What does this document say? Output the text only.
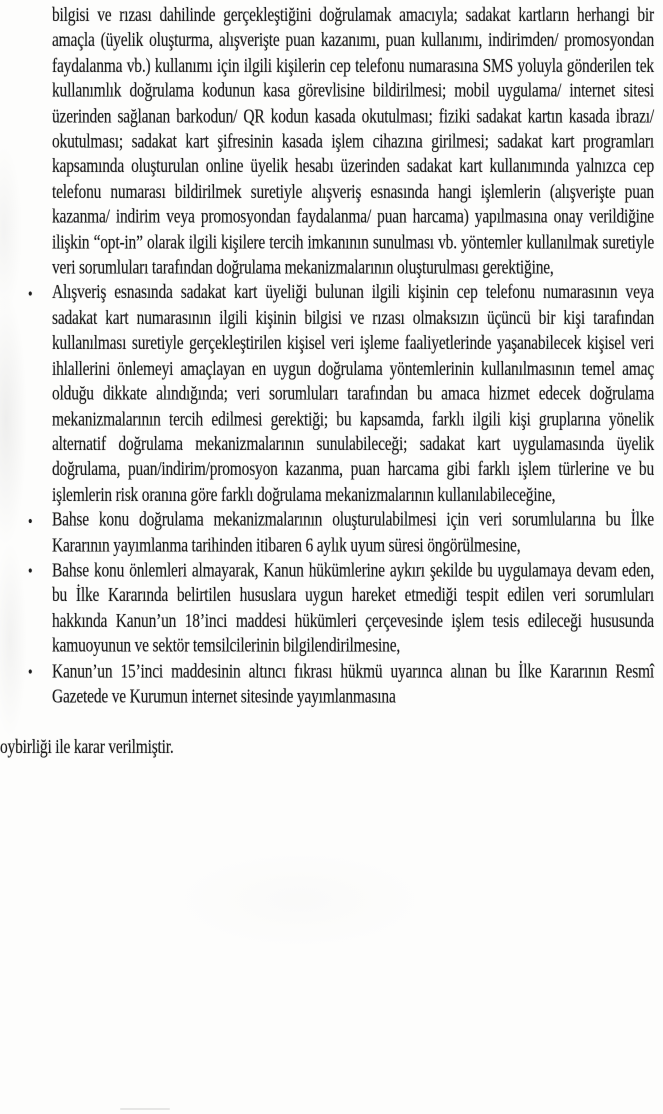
bilgisi ve rızası dahilinde gerçekleştiğini doğrulamak amacıyla; sadakat kartların herhangi bir amaçla (üyelik oluşturma, alışverişte puan kazanımı, puan kullanımı, indirimden/ promosyondan faydalanma vb.) kullanımı için ilgili kişilerin cep telefonu numarasına SMS yoluyla gönderilen tek kullanımlık doğrulama kodunun kasa görevlisine bildirilmesi; mobil uygulama/ internet sitesi üzerinden sağlanan barkodun/ QR kodun kasada okutulması; fiziki sadakat kartın kasada ibrazı/ okutulması; sadakat kart şifresinin kasada işlem cihazına girilmesi; sadakat kart programları kapsamında oluşturulan online üyelik hesabı üzerinden sadakat kart kullanımında yalnızca cep telefonu numarası bildirilmek suretiyle alışveriş esnasında hangi işlemlerin (alışverişte puan kazanma/ indirim veya promosyondan faydalanma/ puan harcama) yapılmasına onay verildiğine ilişkin “opt-in” olarak ilgili kişilere tercih imkanının sunulması vb. yöntemler kullanılmak suretiyle veri sorumluları tarafından doğrulama mekanizmalarının oluşturulması gerektiğine,

• Alışveriş esnasında sadakat kart üyeliği bulunan ilgili kişinin cep telefonu numarasının veya sadakat kart numarasının ilgili kişinin bilgisi ve rızası olmaksızın üçüncü bir kişi tarafından kullanılması suretiyle gerçekleştirilen kişisel veri işleme faaliyetlerinde yaşanabilecek kişisel veri ihlallerini önlemeyi amaçlayan en uygun doğrulama yöntemlerinin kullanılmasının temel amaç olduğu dikkate alındığında; veri sorumluları tarafından bu amaca hizmet edecek doğrulama mekanizmalarının tercih edilmesi gerektiği; bu kapsamda, farklı ilgili kişi gruplarına yönelik alternatif doğrulama mekanizmalarının sunulabileceği; sadakat kart uygulamasında üyelik doğrulama, puan/indirim/promosyon kazanma, puan harcama gibi farklı işlem türlerine ve bu işlemlerin risk oranına göre farklı doğrulama mekanizmalarının kullanılabileceğine,

• Bahse konu doğrulama mekanizmalarının oluşturulabilmesi için veri sorumlularına bu İlke Kararının yayımlanma tarihinden itibaren 6 aylık uyum süresi öngörülmesine,

• Bahse konu önlemleri almayarak, Kanun hükümlerine aykırı şekilde bu uygulamaya devam eden, bu İlke Kararında belirtilen hususlara uygun hareket etmediği tespit edilen veri sorumluları hakkında Kanun’un 18’inci maddesi hükümleri çerçevesinde işlem tesis edileceği hususunda kamuoyunun ve sektör temsilcilerinin bilgilendirilmesine,

• Kanun’un 15’inci maddesinin altıncı fıkrası hükmü uyarınca alınan bu İlke Kararının Resmî Gazetede ve Kurumun internet sitesinde yayımlanmasına

oybirliği ile karar verilmiştir.
